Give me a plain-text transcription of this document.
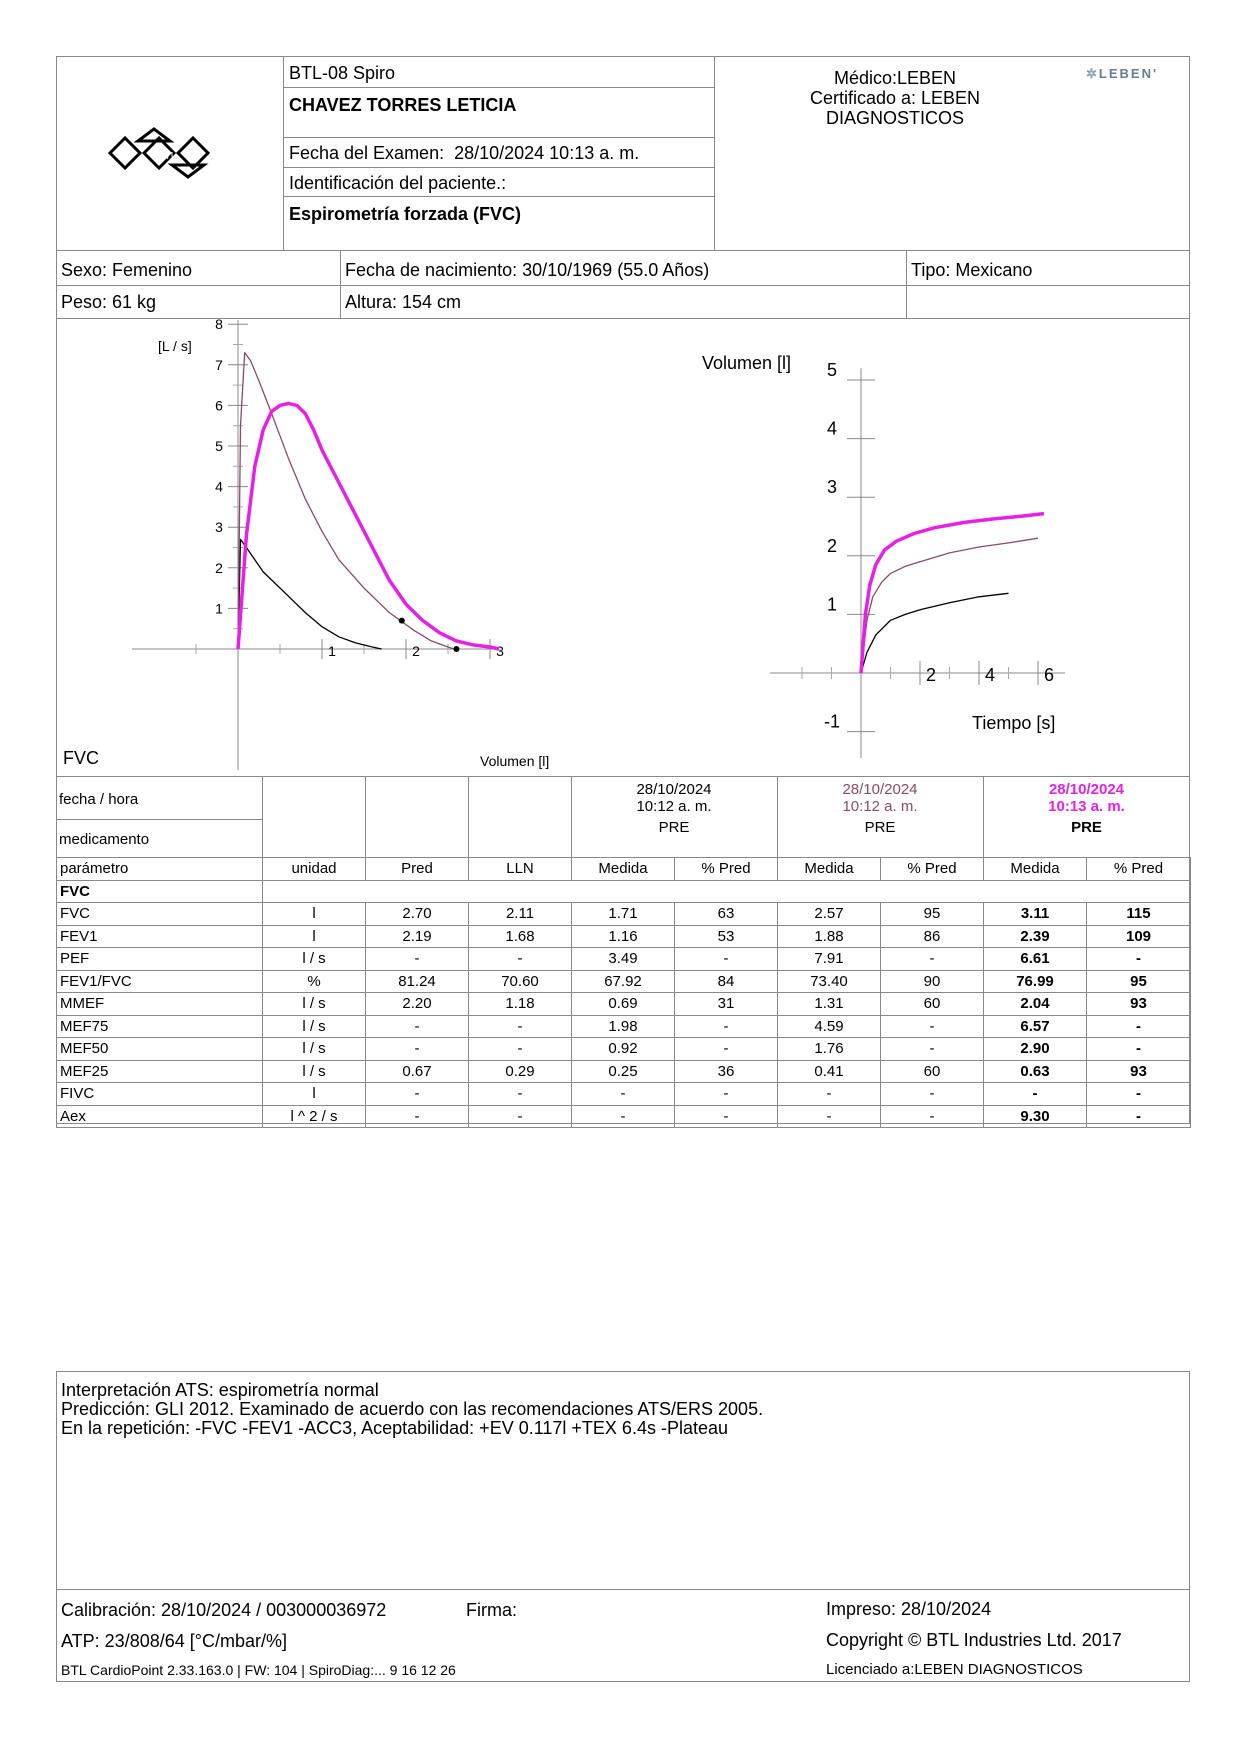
BTL
BTL-08 Spiro
CHAVEZ TORRES LETICIA
Fecha del Examen:  28/10/2024 10:13 a. m.
Identificación del paciente.:
Espirometría forzada (FVC)
Médico:LEBEN
Certificado a: LEBEN
DIAGNOSTICOS
✲LEBEN'
Sexo: Femenino	Fecha de nacimiento: 30/10/1969 (55.0 Años)	Tipo: Mexicano
Peso: 61 kg	Altura: 154 cm
1
2
3
4
5
6
7
8
1	2	3
[L / s]
Volumen [l]
FVC
-1
1
2
3
4
5
2	4	6
Volumen [l]
Tiempo [s]
fecha / hora
medicamento
28/10/2024
10:12 a. m.
PRE
28/10/2024
10:12 a. m.
PRE
28/10/2024
10:13 a. m.
PRE
parámetro	unidad	Pred	LLN	Medida	% Pred	Medida	% Pred	Medida	% Pred
FVC									
FVC	l	2.70	2.11	1.71	63	2.57	95	3.11	115
FEV1	l	2.19	1.68	1.16	53	1.88	86	2.39	109
PEF	l / s	-	-	3.49	-	7.91	-	6.61	-
FEV1/FVC	%	81.24	70.60	67.92	84	73.40	90	76.99	95
MMEF	l / s	2.20	1.18	0.69	31	1.31	60	2.04	93
MEF75	l / s	-	-	1.98	-	4.59	-	6.57	-
MEF50	l / s	-	-	0.92	-	1.76	-	2.90	-
MEF25	l / s	0.67	0.29	0.25	36	0.41	60	0.63	93
FIVC	l	-	-	-	-	-	-	-	-
Aex	l ^ 2 / s	-	-	-	-	-	-	9.30	-
Interpretación ATS: espirometría normal
Predicción: GLI 2012. Examinado de acuerdo con las recomendaciones ATS/ERS 2005.
En la repetición: -FVC -FEV1 -ACC3, Aceptabilidad: +EV 0.117l +TEX 6.4s -Plateau
Calibración: 28/10/2024 / 003000036972	Firma:
ATP: 23/808/64 [°C/mbar/%]
BTL CardioPoint 2.33.163.0 | FW: 104 | SpiroDiag:... 9 16 12 26
Impreso: 28/10/2024
Copyright © BTL Industries Ltd. 2017
Licenciado a:LEBEN DIAGNOSTICOS
